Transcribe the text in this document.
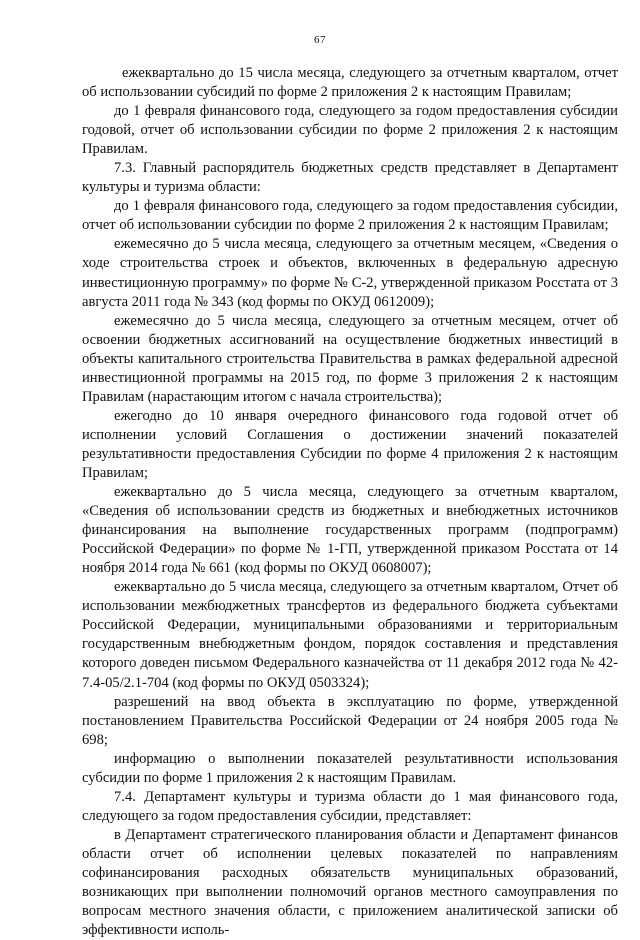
67

ежеквартально до 15 числа месяца, следующего за отчетным кварталом, отчет об использовании субсидий по форме 2 приложения 2 к настоящим Правилам;

до 1 февраля финансового года, следующего за годом предоставления субсидии годовой, отчет об использовании субсидии по форме 2 приложения 2 к настоящим Правилам.

7.3. Главный распорядитель бюджетных средств представляет в Департамент культуры и туризма области:

до 1 февраля финансового года, следующего за годом предоставления субсидии, отчет об использовании субсидии по форме 2 приложения 2 к настоящим Правилам;

ежемесячно до 5 числа месяца, следующего за отчетным месяцем, «Сведения о ходе строительства строек и объектов, включенных в федеральную адресную инвестиционную программу» по форме № С-2, утвержденной приказом Росстата от 3 августа 2011 года № 343 (код формы по ОКУД 0612009);

ежемесячно до 5 числа месяца, следующего за отчетным месяцем, отчет об освоении бюджетных ассигнований на осуществление бюджетных инвестиций в объекты капитального строительства Правительства в рамках федеральной адресной инвестиционной программы на 2015 год, по форме 3 приложения 2 к настоящим Правилам (нарастающим итогом с начала строительства);

ежегодно до 10 января очередного финансового года годовой отчет об исполнении условий Соглашения о достижении значений показателей результативности предоставления Субсидии по форме 4 приложения 2 к настоящим Правилам;

ежеквартально до 5 числа месяца, следующего за отчетным кварталом, «Сведения об использовании средств из бюджетных и внебюджетных источников финансирования на выполнение государственных программ (подпрограмм) Российской Федерации» по форме № 1-ГП, утвержденной приказом Росстата от 14 ноября 2014 года № 661 (код формы по ОКУД 0608007);

ежеквартально до 5 числа месяца, следующего за отчетным кварталом, Отчет об использовании межбюджетных трансфертов из федерального бюджета субъектами Российской Федерации, муниципальными образованиями и территориальным государственным внебюджетным фондом, порядок составления и представления которого доведен письмом Федерального казначейства от 11 декабря 2012 года № 42-7.4-05/2.1-704 (код формы по ОКУД 0503324);

разрешений на ввод объекта в эксплуатацию по форме, утвержденной постановлением Правительства Российской Федерации от 24 ноября 2005 года № 698;

информацию о выполнении показателей результативности использования субсидии по форме 1 приложения 2 к настоящим Правилам.

7.4. Департамент культуры и туризма области до 1 мая финансового года, следующего за годом предоставления субсидии, представляет:

в Департамент стратегического планирования области и Департамент финансов области отчет об исполнении целевых показателей по направлениям софинансирования расходных обязательств муниципальных образований, возникающих при выполнении полномочий органов местного самоуправления по вопросам местного значения области, с приложением аналитической записки об эффективности исполь-
